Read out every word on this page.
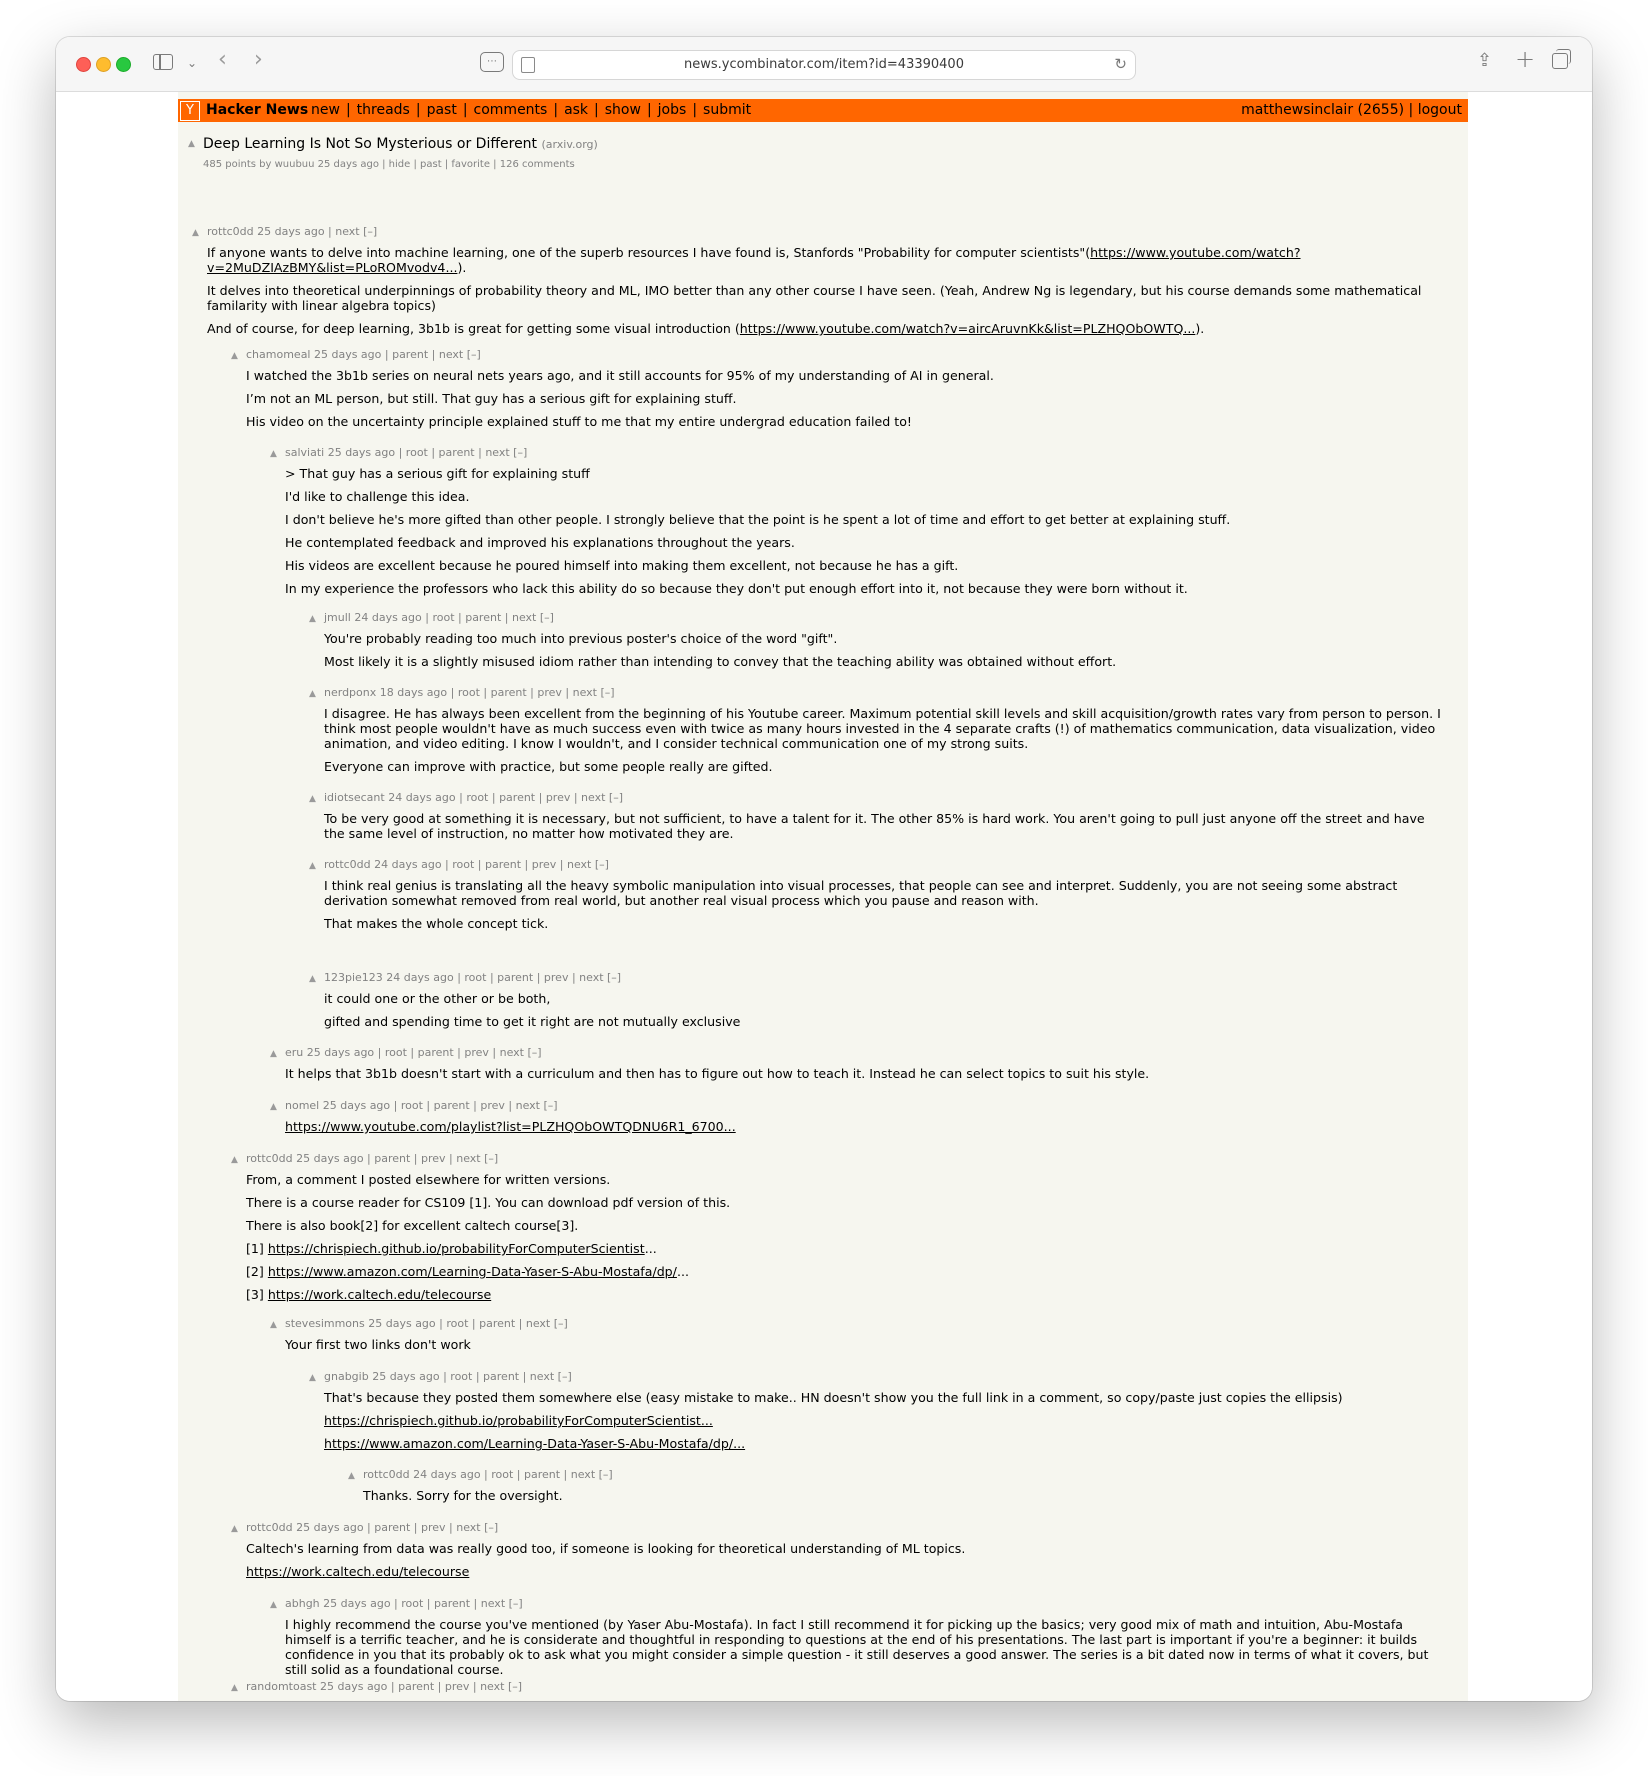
⌄ ‹ ›	⋯	news.ycombinator.com/item?id=43390400	↻	⇪ +
Y Hacker News new | threads | past | comments | ask | show | jobs | submit	matthewsinclair (2655) | logout
▲ Deep Learning Is Not So Mysterious or Different (arxiv.org)
485 points by wuubuu 25 days ago | hide | past | favorite | 126 comments
▲ rottc0dd 25 days ago | next [–]

If anyone wants to delve into machine learning, one of the superb resources I have found is, Stanfords "Probability for computer scientists"(https://www.youtube.com/watch?v=2MuDZIAzBMY&list=PLoROMvodv4...).

It delves into theoretical underpinnings of probability theory and ML, IMO better than any other course I have seen. (Yeah, Andrew Ng is legendary, but his course demands some mathematical familarity with linear algebra topics)

And of course, for deep learning, 3b1b is great for getting some visual introduction (https://www.youtube.com/watch?v=aircAruvnKk&list=PLZHQObOWTQ...).

▲ chamomeal 25 days ago | parent | next [–]

I watched the 3b1b series on neural nets years ago, and it still accounts for 95% of my understanding of AI in general.

I’m not an ML person, but still. That guy has a serious gift for explaining stuff.

His video on the uncertainty principle explained stuff to me that my entire undergrad education failed to!

▲ salviati 25 days ago | root | parent | next [–]

> That guy has a serious gift for explaining stuff

I'd like to challenge this idea.

I don't believe he's more gifted than other people. I strongly believe that the point is he spent a lot of time and effort to get better at explaining stuff.

He contemplated feedback and improved his explanations throughout the years.

His videos are excellent because he poured himself into making them excellent, not because he has a gift.

In my experience the professors who lack this ability do so because they don't put enough effort into it, not because they were born without it.

▲ jmull 24 days ago | root | parent | next [–]

You're probably reading too much into previous poster's choice of the word "gift".

Most likely it is a slightly misused idiom rather than intending to convey that the teaching ability was obtained without effort.

▲ nerdponx 18 days ago | root | parent | prev | next [–]

I disagree. He has always been excellent from the beginning of his Youtube career. Maximum potential skill levels and skill acquisition/growth rates vary from person to person. I think most people wouldn't have as much success even with twice as many hours invested in the 4 separate crafts (!) of mathematics communication, data visualization, video animation, and video editing. I know I wouldn't, and I consider technical communication one of my strong suits.

Everyone can improve with practice, but some people really are gifted.

▲ idiotsecant 24 days ago | root | parent | prev | next [–]

To be very good at something it is necessary, but not sufficient, to have a talent for it. The other 85% is hard work. You aren't going to pull just anyone off the street and have the same level of instruction, no matter how motivated they are.

▲ rottc0dd 24 days ago | root | parent | prev | next [–]

I think real genius is translating all the heavy symbolic manipulation into visual processes, that people can see and interpret. Suddenly, you are not seeing some abstract derivation somewhat removed from real world, but another real visual process which you pause and reason with.

That makes the whole concept tick.

▲ 123pie123 24 days ago | root | parent | prev | next [–]

it could one or the other or be both,

gifted and spending time to get it right are not mutually exclusive

▲ eru 25 days ago | root | parent | prev | next [–]

It helps that 3b1b doesn't start with a curriculum and then has to figure out how to teach it. Instead he can select topics to suit his style.

▲ nomel 25 days ago | root | parent | prev | next [–]

https://www.youtube.com/playlist?list=PLZHQObOWTQDNU6R1_6700...

▲ rottc0dd 25 days ago | parent | prev | next [–]

From, a comment I posted elsewhere for written versions.

There is a course reader for CS109 [1]. You can download pdf version of this.

There is also book[2] for excellent caltech course[3].

[1] https://chrispiech.github.io/probabilityForComputerScientist...

[2] https://www.amazon.com/Learning-Data-Yaser-S-Abu-Mostafa/dp/...

[3] https://work.caltech.edu/telecourse

▲ stevesimmons 25 days ago | root | parent | next [–]

Your first two links don't work

▲ gnabgib 25 days ago | root | parent | next [–]

That's because they posted them somewhere else (easy mistake to make.. HN doesn't show you the full link in a comment, so copy/paste just copies the ellipsis)

https://chrispiech.github.io/probabilityForComputerScientist...

https://www.amazon.com/Learning-Data-Yaser-S-Abu-Mostafa/dp/...

▲ rottc0dd 24 days ago | root | parent | next [–]

Thanks. Sorry for the oversight.

▲ rottc0dd 25 days ago | parent | prev | next [–]

Caltech's learning from data was really good too, if someone is looking for theoretical understanding of ML topics.

https://work.caltech.edu/telecourse

▲ abhgh 25 days ago | root | parent | next [–]

I highly recommend the course you've mentioned (by Yaser Abu-Mostafa). In fact I still recommend it for picking up the basics; very good mix of math and intuition, Abu-Mostafa himself is a terrific teacher, and he is considerate and thoughtful in responding to questions at the end of his presentations. The last part is important if you're a beginner: it builds confidence in you that its probably ok to ask what you might consider a simple question - it still deserves a good answer. The series is a bit dated now in terms of what it covers, but still solid as a foundational course.

▲ randomtoast 25 days ago | parent | prev | next [–]
